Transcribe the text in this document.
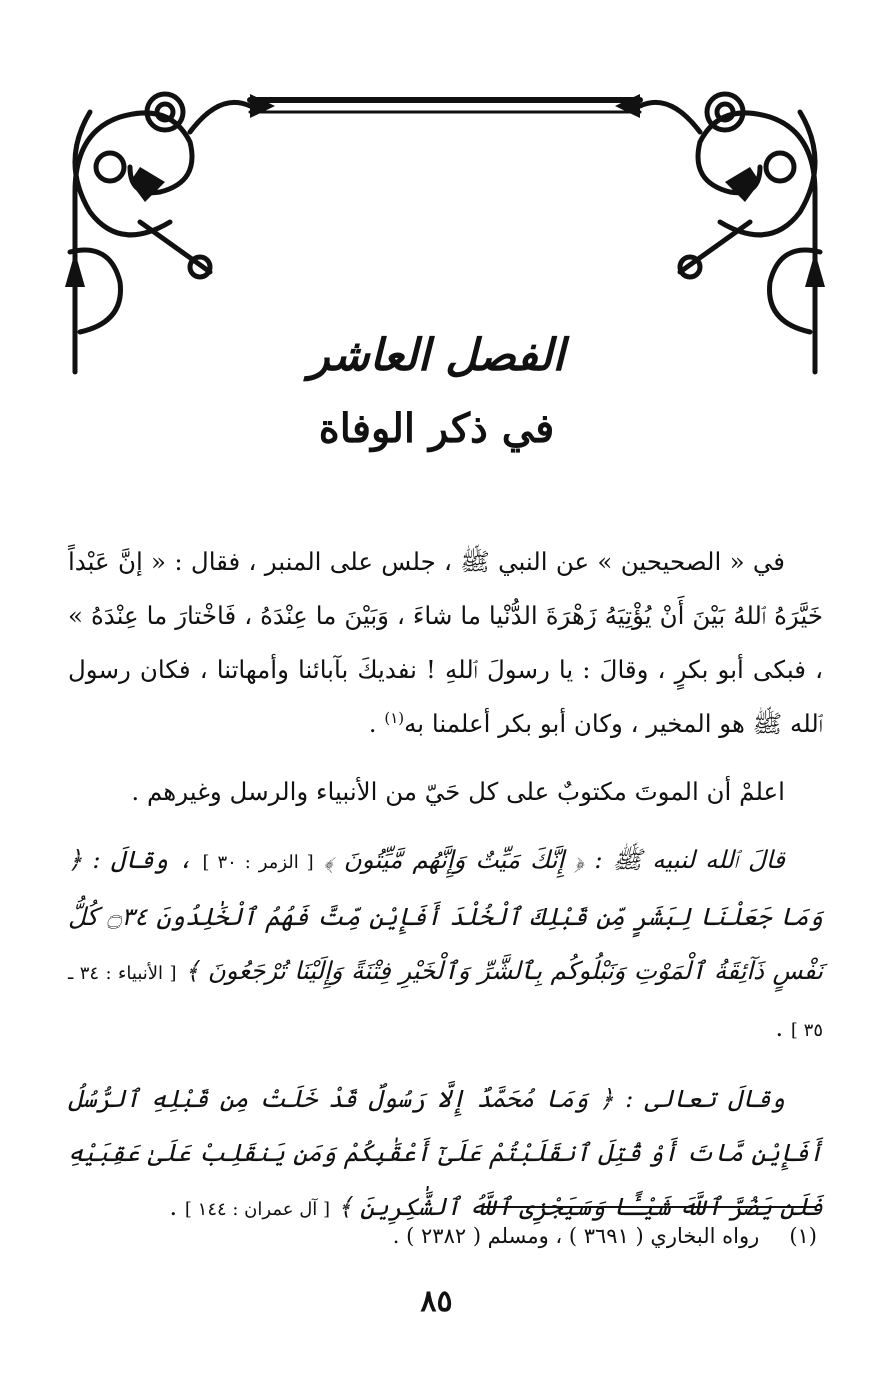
الفصل العاشر
في ذكر الوفاة

في « الصحيحين » عن النبي ﷺ ، جلس على المنبر ، فقال : « إنَّ عَبْداً خَيَّرَهُ ٱللهُ بَيْنَ أَنْ يُؤْتِيَهُ زَهْرَةَ الدُّنْيا ما شاءَ ، وَبَيْنَ ما عِنْدَهُ ، فَاخْتارَ ما عِنْدَهُ » ، فبكى أبو بكرٍ ، وقالَ : يا رسولَ ٱللهِ ! نفديكَ بآبائنا وأمهاتنا ، فكان رسول ٱلله ﷺ هو المخير ، وكان أبو بكر أعلمنا به$^{(١)}$ .

اعلمْ أن الموتَ مكتوبٌ على كل حَيّ من الأنبياء والرسل وغيرهم .

قالَ ٱلله لنبيه ﷺ : ﴿ إِنَّكَ مَيِّتٌ وَإِنَّهُم مَّيِّتُونَ ﴾ [ الزمر : ٣٠ ] ، وقالَ : ﴿ وَمَا جَعَلْنَا لِبَشَرٍ مِّن قَبْلِكَ ٱلْخُلْدَ أَفَإِيْن مِّتَّ فَهُمُ ٱلْخَٰلِدُونَ ۝٣٤ كُلُّ نَفْسٍ ذَآئِقَةُ ٱلْمَوْتِ وَنَبْلُوكُم بِٱلشَّرِّ وَٱلْخَيْرِ فِتْنَةً وَإِلَيْنَا تُرْجَعُونَ ﴾ [ الأنبياء : ٣٤ ـ ٣٥ ] .

وقالَ تعالى : ﴿ وَمَا مُحَمَّدٌ إِلَّا رَسُولٌ قَدْ خَلَتْ مِن قَبْلِهِ ٱلرُّسُلُ أَفَإِيْن مَّاتَ أَوْ قُتِلَ ٱنقَلَبْتُمْ عَلَىٰٓ أَعْقَٰبِكُمْ وَمَن يَنقَلِبْ عَلَىٰ عَقِبَيْهِ فَلَن يَضُرَّ ٱللَّهَ شَيْـًٔا وَسَيَجْزِى ٱللَّهُ ٱلشَّٰكِرِينَ ﴾ [ آل عمران : ١٤٤ ] .

(١)رواه البخاري ( ٣٦٩١ ) ، ومسلم ( ٢٣٨٢ ) .
٨٥
